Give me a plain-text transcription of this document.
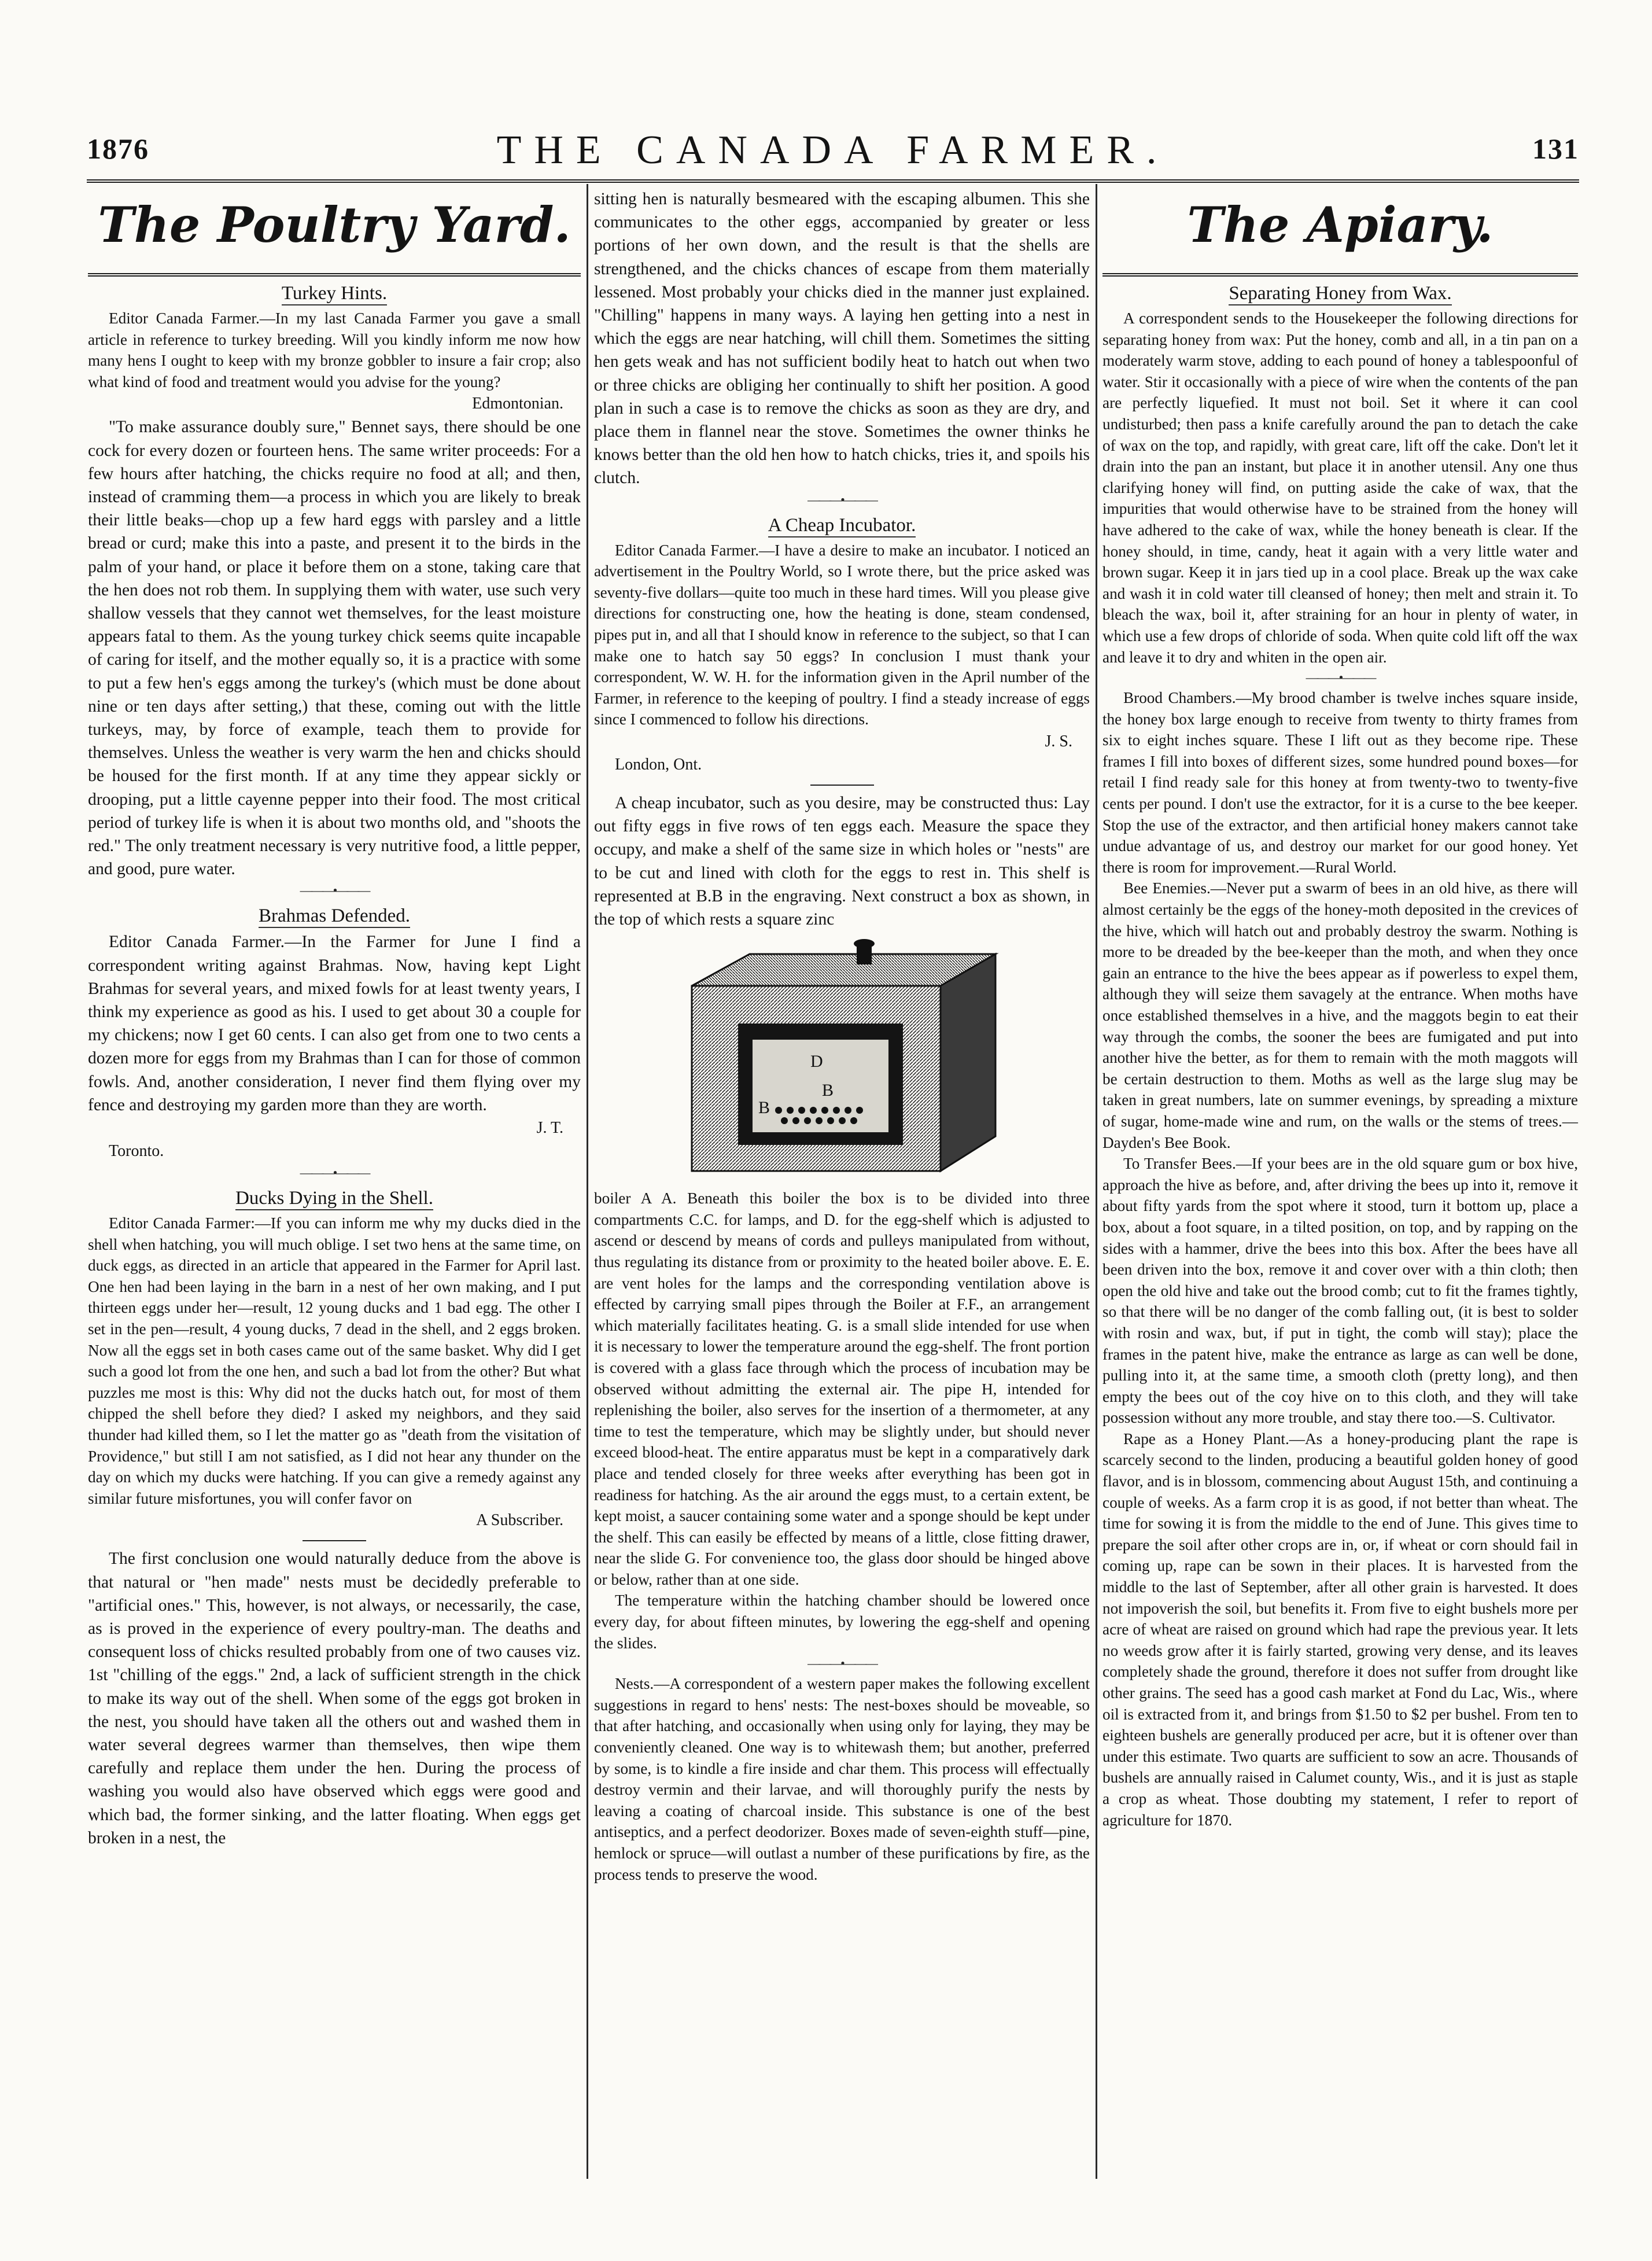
1876	THE CANADA FARMER.	131
The Poultry Yard.
Turkey Hints.

Editor Canada Farmer.—In my last Canada Farmer you gave a small article in reference to turkey breeding. Will you kindly inform me now how many hens I ought to keep with my bronze gobbler to insure a fair crop; also what kind of food and treatment would you advise for the young?

Edmontonian.

"To make assurance doubly sure," Bennet says, there should be one cock for every dozen or fourteen hens. The same writer proceeds: For a few hours after hatching, the chicks require no food at all; and then, instead of cramming them—a process in which you are likely to break their little beaks—chop up a few hard eggs with parsley and a little bread or curd; make this into a paste, and present it to the birds in the palm of your hand, or place it before them on a stone, taking care that the hen does not rob them. In supplying them with water, use such very shallow vessels that they cannot wet themselves, for the least moisture appears fatal to them. As the young turkey chick seems quite incapable of caring for itself, and the mother equally so, it is a practice with some to put a few hen's eggs among the turkey's (which must be done about nine or ten days after setting,) that these, coming out with the little turkeys, may, by force of example, teach them to provide for themselves. Unless the weather is very warm the hen and chicks should be housed for the first month. If at any time they appear sickly or drooping, put a little cayenne pepper into their food. The most critical period of turkey life is when it is about two months old, and "shoots the red." The only treatment necessary is very nutritive food, a little pepper, and good, pure water.

———•———
Brahmas Defended.

Editor Canada Farmer.—In the Farmer for June I find a correspondent writing against Brahmas. Now, having kept Light Brahmas for several years, and mixed fowls for at least twenty years, I think my experience as good as his. I used to get about 30 a couple for my chickens; now I get 60 cents. I can also get from one to two cents a dozen more for eggs from my Brahmas than I can for those of common fowls. And, another consideration, I never find them flying over my fence and destroying my garden more than they are worth.

J. T.
Toronto.
———•———
Ducks Dying in the Shell.

Editor Canada Farmer:—If you can inform me why my ducks died in the shell when hatching, you will much oblige. I set two hens at the same time, on duck eggs, as directed in an article that appeared in the Farmer for April last. One hen had been laying in the barn in a nest of her own making, and I put thirteen eggs under her—result, 12 young ducks and 1 bad egg. The other I set in the pen—result, 4 young ducks, 7 dead in the shell, and 2 eggs broken. Now all the eggs set in both cases came out of the same basket. Why did I get such a good lot from the one hen, and such a bad lot from the other? But what puzzles me most is this: Why did not the ducks hatch out, for most of them chipped the shell before they died? I asked my neighbors, and they said thunder had killed them, so I let the matter go as "death from the visitation of Providence," but still I am not satisfied, as I did not hear any thunder on the day on which my ducks were hatching. If you can give a remedy against any similar future misfortunes, you will confer favor on

A Subscriber.

The first conclusion one would naturally deduce from the above is that natural or "hen made" nests must be decidedly preferable to "artificial ones." This, however, is not always, or necessarily, the case, as is proved in the experience of every poultry-man. The deaths and consequent loss of chicks resulted probably from one of two causes viz. 1st "chilling of the eggs." 2nd, a lack of sufficient strength in the chick to make its way out of the shell. When some of the eggs got broken in the nest, you should have taken all the others out and washed them in water several degrees warmer than themselves, then wipe them carefully and replace them under the hen. During the process of washing you would also have observed which eggs were good and which bad, the former sinking, and the latter floating. When eggs get broken in a nest, the

sitting hen is naturally besmeared with the escaping albumen. This she communicates to the other eggs, accompanied by greater or less portions of her own down, and the result is that the shells are strengthened, and the chicks chances of escape from them materially lessened. Most probably your chicks died in the manner just explained. "Chilling" happens in many ways. A laying hen getting into a nest in which the eggs are near hatching, will chill them. Sometimes the sitting hen gets weak and has not sufficient bodily heat to hatch out when two or three chicks are obliging her continually to shift her position. A good plan in such a case is to remove the chicks as soon as they are dry, and place them in flannel near the stove. Sometimes the owner thinks he knows better than the old hen how to hatch chicks, tries it, and spoils his clutch.

———•———
A Cheap Incubator.

Editor Canada Farmer.—I have a desire to make an incubator. I noticed an advertisement in the Poultry World, so I wrote there, but the price asked was seventy-five dollars—quite too much in these hard times. Will you please give directions for constructing one, how the heating is done, steam condensed, pipes put in, and all that I should know in reference to the subject, so that I can make one to hatch say 50 eggs? In conclusion I must thank your correspondent, W. W. H. for the information given in the April number of the Farmer, in reference to the keeping of poultry. I find a steady increase of eggs since I commenced to follow his directions.

J. S.
London, Ont.

A cheap incubator, such as you desire, may be constructed thus: Lay out fifty eggs in five rows of ten eggs each. Measure the space they occupy, and make a shelf of the same size in which holes or "nests" are to be cut and lined with cloth for the eggs to rest in. This shelf is represented at B.B in the engraving. Next construct a box as shown, in the top of which rests a square zinc

D
B
B

boiler A A. Beneath this boiler the box is to be divided into three compartments C.C. for lamps, and D. for the egg-shelf which is adjusted to ascend or descend by means of cords and pulleys manipulated from without, thus regulating its distance from or proximity to the heated boiler above. E. E. are vent holes for the lamps and the corresponding ventilation above is effected by carrying small pipes through the Boiler at F.F., an arrangement which materially facilitates heating. G. is a small slide intended for use when it is necessary to lower the temperature around the egg-shelf. The front portion is covered with a glass face through which the process of incubation may be observed without admitting the external air. The pipe H, intended for replenishing the boiler, also serves for the insertion of a thermometer, at any time to test the temperature, which may be slightly under, but should never exceed blood-heat. The entire apparatus must be kept in a comparatively dark place and tended closely for three weeks after everything has been got in readiness for hatching. As the air around the eggs must, to a certain extent, be kept moist, a saucer containing some water and a sponge should be kept under the shelf. This can easily be effected by means of a little, close fitting drawer, near the slide G. For convenience too, the glass door should be hinged above or below, rather than at one side.

The temperature within the hatching chamber should be lowered once every day, for about fifteen minutes, by lowering the egg-shelf and opening the slides.

———•———

Nests.—A correspondent of a western paper makes the following excellent suggestions in regard to hens' nests: The nest-boxes should be moveable, so that after hatching, and occasionally when using only for laying, they may be conveniently cleaned. One way is to whitewash them; but another, preferred by some, is to kindle a fire inside and char them. This process will effectually destroy vermin and their larvae, and will thoroughly purify the nests by leaving a coating of charcoal inside. This substance is one of the best antiseptics, and a perfect deodorizer. Boxes made of seven-eighth stuff—pine, hemlock or spruce—will outlast a number of these purifications by fire, as the process tends to preserve the wood.

The Apiary.
Separating Honey from Wax.

A correspondent sends to the Housekeeper the following directions for separating honey from wax: Put the honey, comb and all, in a tin pan on a moderately warm stove, adding to each pound of honey a tablespoonful of water. Stir it occasionally with a piece of wire when the contents of the pan are perfectly liquefied. It must not boil. Set it where it can cool undisturbed; then pass a knife carefully around the pan to detach the cake of wax on the top, and rapidly, with great care, lift off the cake. Don't let it drain into the pan an instant, but place it in another utensil. Any one thus clarifying honey will find, on putting aside the cake of wax, that the impurities that would otherwise have to be strained from the honey will have adhered to the cake of wax, while the honey beneath is clear. If the honey should, in time, candy, heat it again with a very little water and brown sugar. Keep it in jars tied up in a cool place. Break up the wax cake and wash it in cold water till cleansed of honey; then melt and strain it. To bleach the wax, boil it, after straining for an hour in plenty of water, in which use a few drops of chloride of soda. When quite cold lift off the wax and leave it to dry and whiten in the open air.

———•———

Brood Chambers.—My brood chamber is twelve inches square inside, the honey box large enough to receive from twenty to thirty frames from six to eight inches square. These I lift out as they become ripe. These frames I fill into boxes of different sizes, some hundred pound boxes—for retail I find ready sale for this honey at from twenty-two to twenty-five cents per pound. I don't use the extractor, for it is a curse to the bee keeper. Stop the use of the extractor, and then artificial honey makers cannot take undue advantage of us, and destroy our market for our good honey. Yet there is room for improvement.—Rural World.

Bee Enemies.—Never put a swarm of bees in an old hive, as there will almost certainly be the eggs of the honey-moth deposited in the crevices of the hive, which will hatch out and probably destroy the swarm. Nothing is more to be dreaded by the bee-keeper than the moth, and when they once gain an entrance to the hive the bees appear as if powerless to expel them, although they will seize them savagely at the entrance. When moths have once established themselves in a hive, and the maggots begin to eat their way through the combs, the sooner the bees are fumigated and put into another hive the better, as for them to remain with the moth maggots will be certain destruction to them. Moths as well as the large slug may be taken in great numbers, late on summer evenings, by spreading a mixture of sugar, home-made wine and rum, on the walls or the stems of trees.—Dayden's Bee Book.

To Transfer Bees.—If your bees are in the old square gum or box hive, approach the hive as before, and, after driving the bees up into it, remove it about fifty yards from the spot where it stood, turn it bottom up, place a box, about a foot square, in a tilted position, on top, and by rapping on the sides with a hammer, drive the bees into this box. After the bees have all been driven into the box, remove it and cover over with a thin cloth; then open the old hive and take out the brood comb; cut to fit the frames tightly, so that there will be no danger of the comb falling out, (it is best to solder with rosin and wax, but, if put in tight, the comb will stay); place the frames in the patent hive, make the entrance as large as can well be done, pulling into it, at the same time, a smooth cloth (pretty long), and then empty the bees out of the coy hive on to this cloth, and they will take possession without any more trouble, and stay there too.—S. Cultivator.

Rape as a Honey Plant.—As a honey-producing plant the rape is scarcely second to the linden, producing a beautiful golden honey of good flavor, and is in blossom, commencing about August 15th, and continuing a couple of weeks. As a farm crop it is as good, if not better than wheat. The time for sowing it is from the middle to the end of June. This gives time to prepare the soil after other crops are in, or, if wheat or corn should fail in coming up, rape can be sown in their places. It is harvested from the middle to the last of September, after all other grain is harvested. It does not impoverish the soil, but benefits it. From five to eight bushels more per acre of wheat are raised on ground which had rape the previous year. It lets no weeds grow after it is fairly started, growing very dense, and its leaves completely shade the ground, therefore it does not suffer from drought like other grains. The seed has a good cash market at Fond du Lac, Wis., where oil is extracted from it, and brings from $1.50 to $2 per bushel. From ten to eighteen bushels are generally produced per acre, but it is oftener over than under this estimate. Two quarts are sufficient to sow an acre. Thousands of bushels are annually raised in Calumet county, Wis., and it is just as staple a crop as wheat. Those doubting my statement, I refer to report of agriculture for 1870.
